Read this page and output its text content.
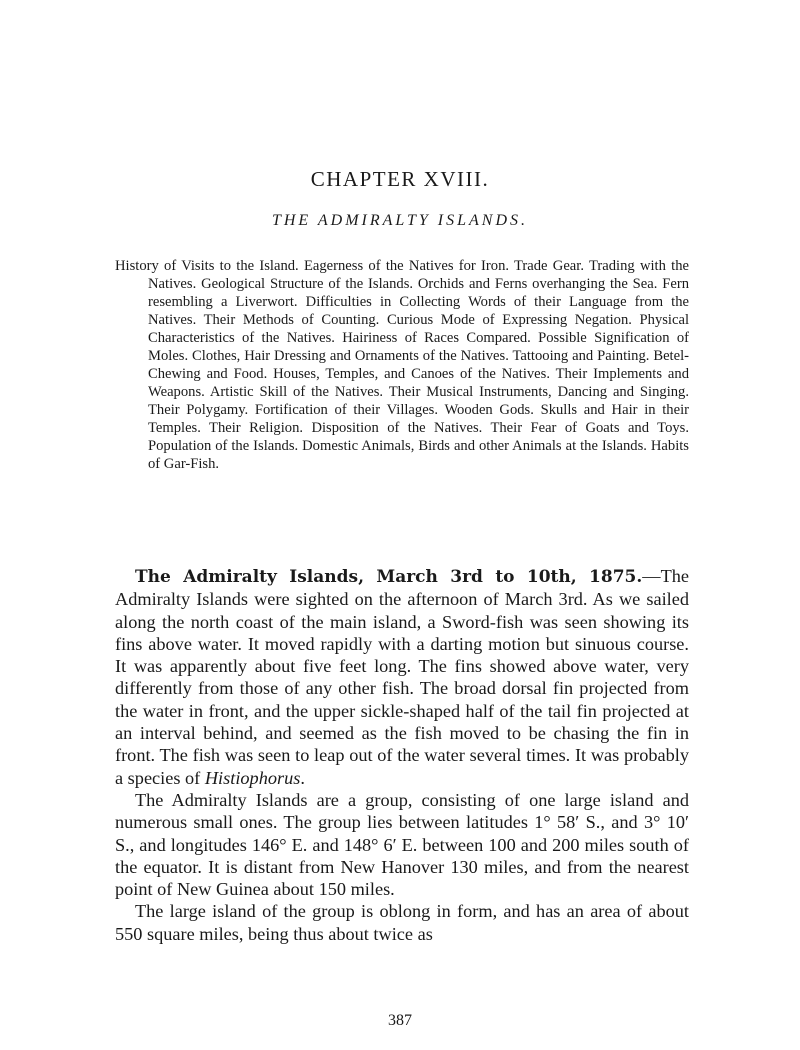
CHAPTER XVIII.
THE ADMIRALTY ISLANDS.

History of Visits to the Island. Eagerness of the Natives for Iron. Trade Gear. Trading with the Natives. Geological Structure of the Islands. Orchids and Ferns overhanging the Sea. Fern resembling a Liverwort. Difficulties in Collecting Words of their Language from the Natives. Their Methods of Counting. Curious Mode of Expressing Negation. Physical Characteristics of the Natives. Hairiness of Races Compared. Possible Signification of Moles. Clothes, Hair Dressing and Ornaments of the Natives. Tattooing and Painting. Betel-Chewing and Food. Houses, Temples, and Canoes of the Natives. Their Implements and Weapons. Artistic Skill of the Natives. Their Musical Instruments, Dancing and Singing. Their Polygamy. Fortification of their Villages. Wooden Gods. Skulls and Hair in their Temples. Their Religion. Disposition of the Natives. Their Fear of Goats and Toys. Population of the Islands. Domestic Animals, Birds and other Animals at the Islands. Habits of Gar-Fish.

The Admiralty Islands, March 3rd to 10th, 1875.—The Admiralty Islands were sighted on the afternoon of March 3rd. As we sailed along the north coast of the main island, a Sword-fish was seen showing its fins above water. It moved rapidly with a darting motion but sinuous course. It was apparently about five feet long. The fins showed above water, very differently from those of any other fish. The broad dorsal fin projected from the water in front, and the upper sickle-shaped half of the tail fin projected at an interval behind, and seemed as the fish moved to be chasing the fin in front. The fish was seen to leap out of the water several times. It was probably a species of Histiophorus.

The Admiralty Islands are a group, consisting of one large island and numerous small ones. The group lies between latitudes 1° 58′ S., and 3° 10′ S., and longitudes 146° E. and 148° 6′ E. between 100 and 200 miles south of the equator. It is distant from New Hanover 130 miles, and from the nearest point of New Guinea about 150 miles.

The large island of the group is oblong in form, and has an area of about 550 square miles, being thus about twice as

387
